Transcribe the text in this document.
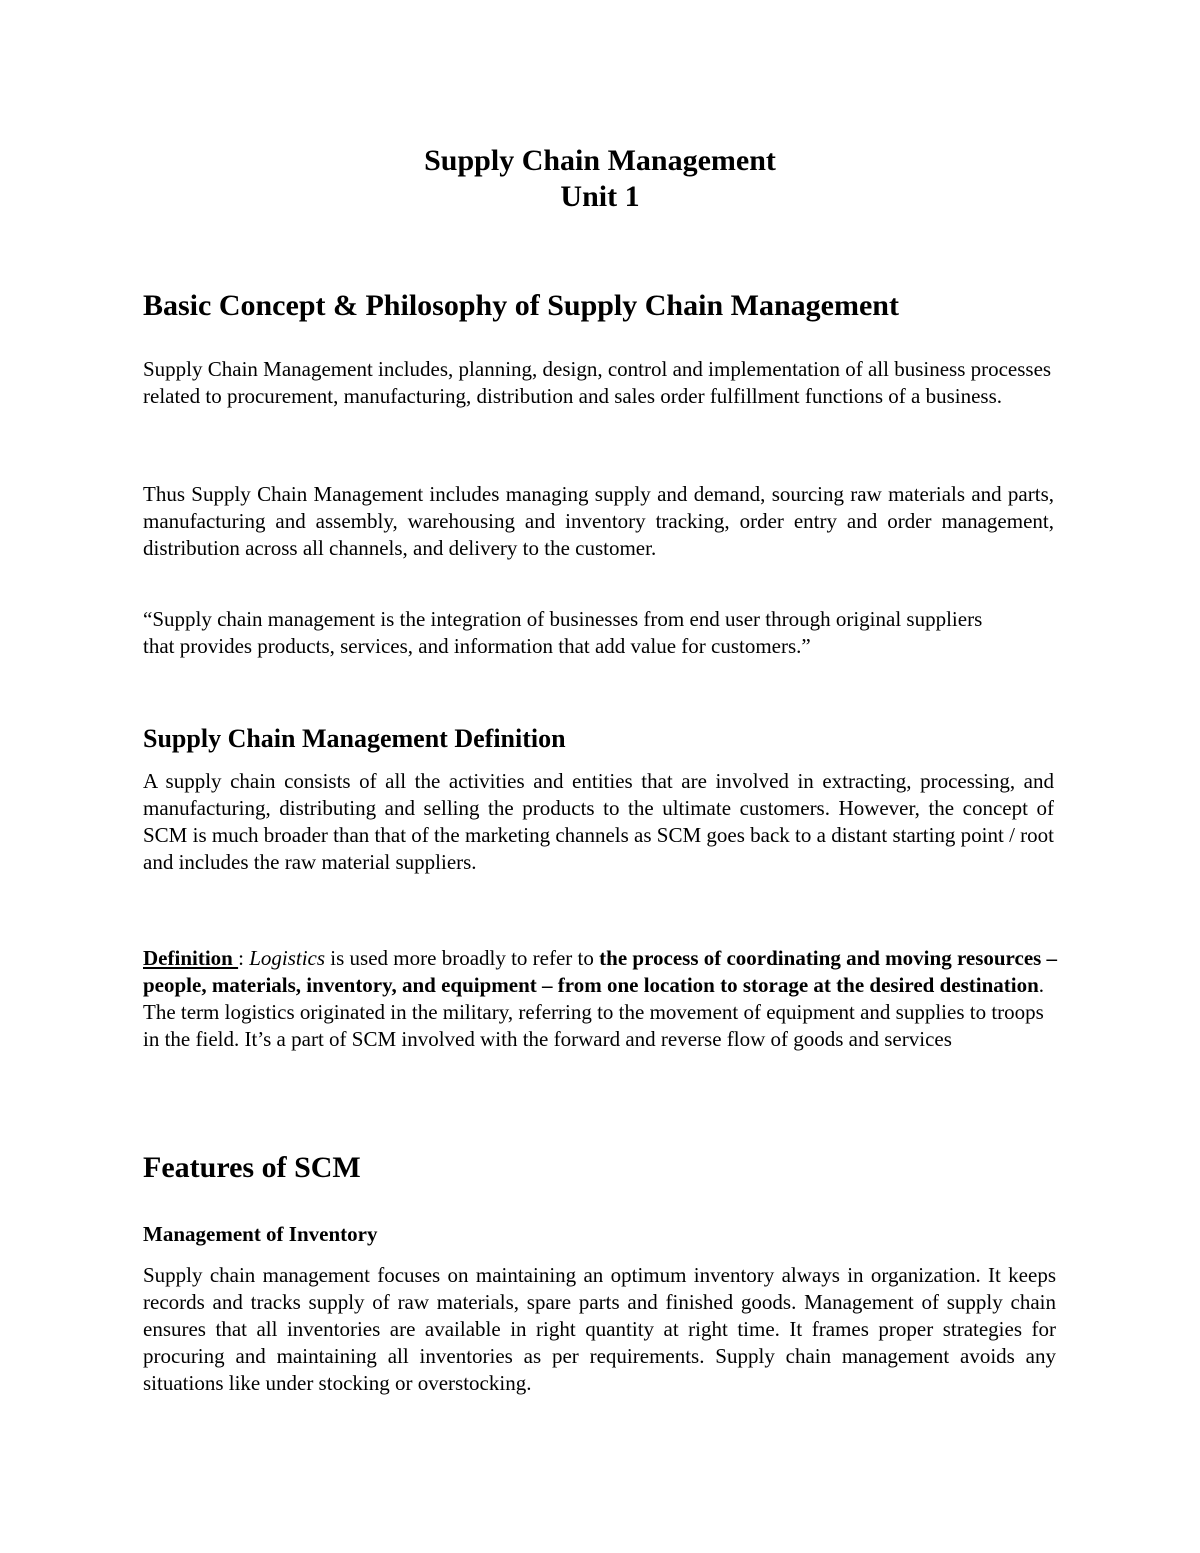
Supply Chain Management
Unit 1
Basic Concept & Philosophy of Supply Chain Management

Supply Chain Management includes, planning, design, control and implementation of all business processes related to procurement, manufacturing, distribution and sales order fulfillment functions of a business.

Thus Supply Chain Management includes managing supply and demand, sourcing raw materials and parts, manufacturing and assembly, warehousing and inventory tracking, order entry and order management, distribution across all channels, and delivery to the customer.

“Supply chain management is the integration of businesses from end user through original suppliers that provides products, services, and information that add value for customers.”

Supply Chain Management Definition

A supply chain consists of all the activities and entities that are involved in extracting, processing, and manufacturing, distributing and selling the products to the ultimate customers. However, the concept of SCM is much broader than that of the marketing channels as SCM goes back to a distant starting point / root and includes the raw material suppliers.

Definition : Logistics is used more broadly to refer to the process of coordinating and moving resources – people, materials, inventory, and equipment – from one location to storage at the desired destination. The term logistics originated in the military, referring to the movement of equipment and supplies to troops in the field. It’s a part of SCM involved with the forward and reverse flow of goods and services

Features of SCM
Management of Inventory

Supply chain management focuses on maintaining an optimum inventory always in organization. It keeps records and tracks supply of raw materials, spare parts and finished goods. Management of supply chain ensures that all inventories are available in right quantity at right time. It frames proper strategies for procuring and maintaining all inventories as per requirements. Supply chain management avoids any situations like under stocking or overstocking.
